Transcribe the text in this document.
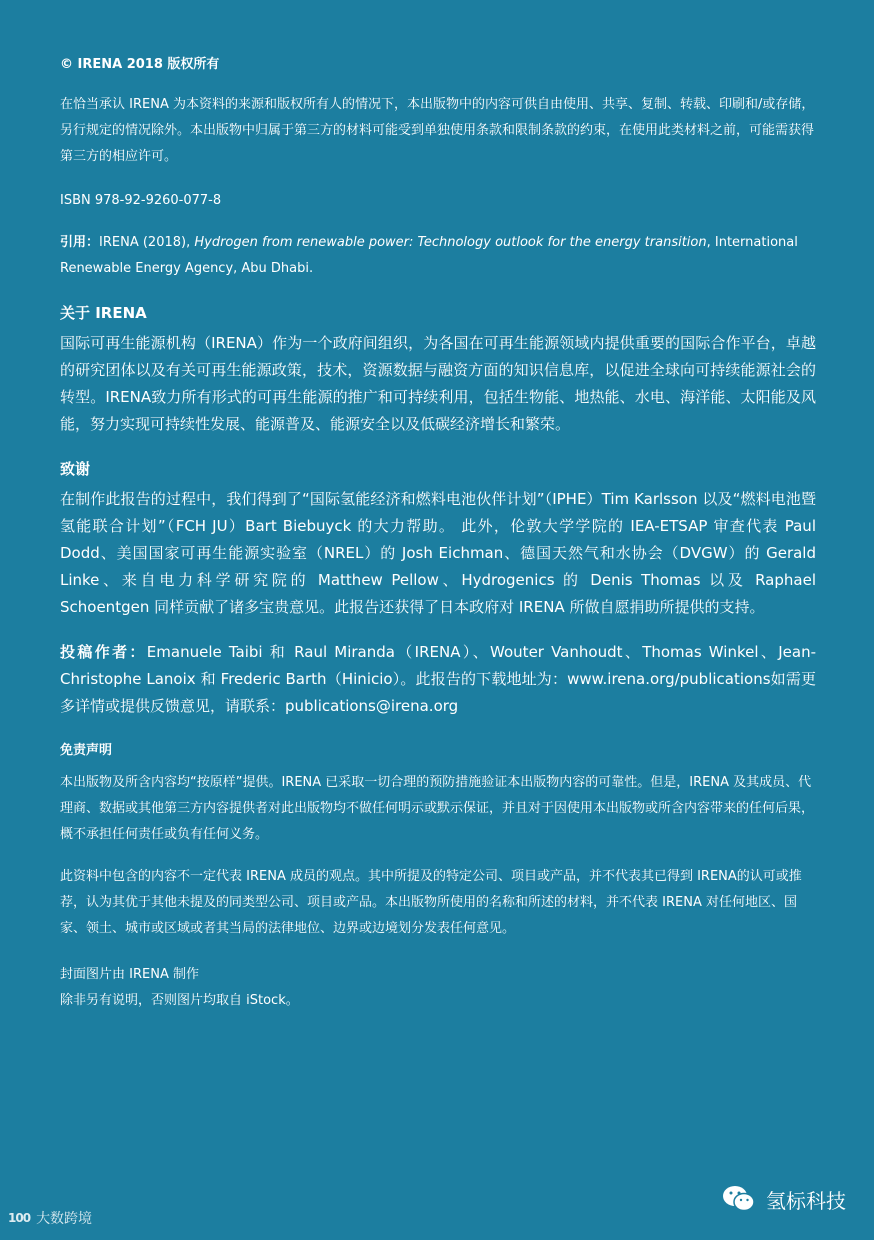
© IRENA 2018 版权所有

在恰当承认 IRENA 为本资料的来源和版权所有人的情况下，本出版物中的内容可供自由使用、共享、复制、转载、印刷和/或存储，另行规定的情况除外。本出版物中归属于第三方的材料可能受到单独使用条款和限制条款的约束，在使用此类材料之前，可能需获得第三方的相应许可。

ISBN 978-92-9260-077-8

引用：IRENA (2018), Hydrogen from renewable power: Technology outlook for the energy transition, International Renewable Energy Agency, Abu Dhabi.

关于 IRENA

国际可再生能源机构（IRENA）作为一个政府间组织，为各国在可再生能源领域内提供重要的国际合作平台，卓越的研究团体以及有关可再生能源政策，技术，资源数据与融资方面的知识信息库，以促进全球向可持续能源社会的转型。IRENA致力所有形式的可再生能源的推广和可持续利用，包括生物能、地热能、水电、海洋能、太阳能及风能，努力实现可持续性发展、能源普及、能源安全以及低碳经济增长和繁荣。

致谢

在制作此报告的过程中，我们得到了“国际氢能经济和燃料电池伙伴计划”（IPHE）Tim Karlsson 以及“燃料电池暨氢能联合计划”（FCH JU）Bart Biebuyck 的大力帮助。 此外，伦敦大学学院的 IEA-ETSAP 审查代表 Paul Dodd、美国国家可再生能源实验室（NREL）的 Josh Eichman、德国天然气和水协会（DVGW）的 Gerald Linke、来自电力科学研究院的 Matthew Pellow、Hydrogenics 的 Denis Thomas 以及 Raphael Schoentgen 同样贡献了诸多宝贵意见。此报告还获得了日本政府对 IRENA 所做自愿捐助所提供的支持。

投稿作者：Emanuele Taibi 和 Raul Miranda（IRENA）、Wouter Vanhoudt、Thomas Winkel、Jean-Christophe Lanoix 和 Frederic Barth（Hinicio）。此报告的下载地址为：www.irena.org/publications如需更多详情或提供反馈意见，请联系：publications@irena.org

免责声明

本出版物及所含内容均“按原样”提供。IRENA 已采取一切合理的预防措施验证本出版物内容的可靠性。但是，IRENA 及其成员、代理商、数据或其他第三方内容提供者对此出版物均不做任何明示或默示保证，并且对于因使用本出版物或所含内容带来的任何后果，概不承担任何责任或负有任何义务。

此资料中包含的内容不一定代表 IRENA 成员的观点。其中所提及的特定公司、项目或产品，并不代表其已得到 IRENA的认可或推荐，认为其优于其他未提及的同类型公司、项目或产品。本出版物所使用的名称和所述的材料，并不代表 IRENA 对任何地区、国家、领土、城市或区域或者其当局的法律地位、边界或边境划分发表任何意见。

封面图片由 IRENA 制作

除非另有说明，否则图片均取自 iStock。

100 大数跨境
氢标科技
